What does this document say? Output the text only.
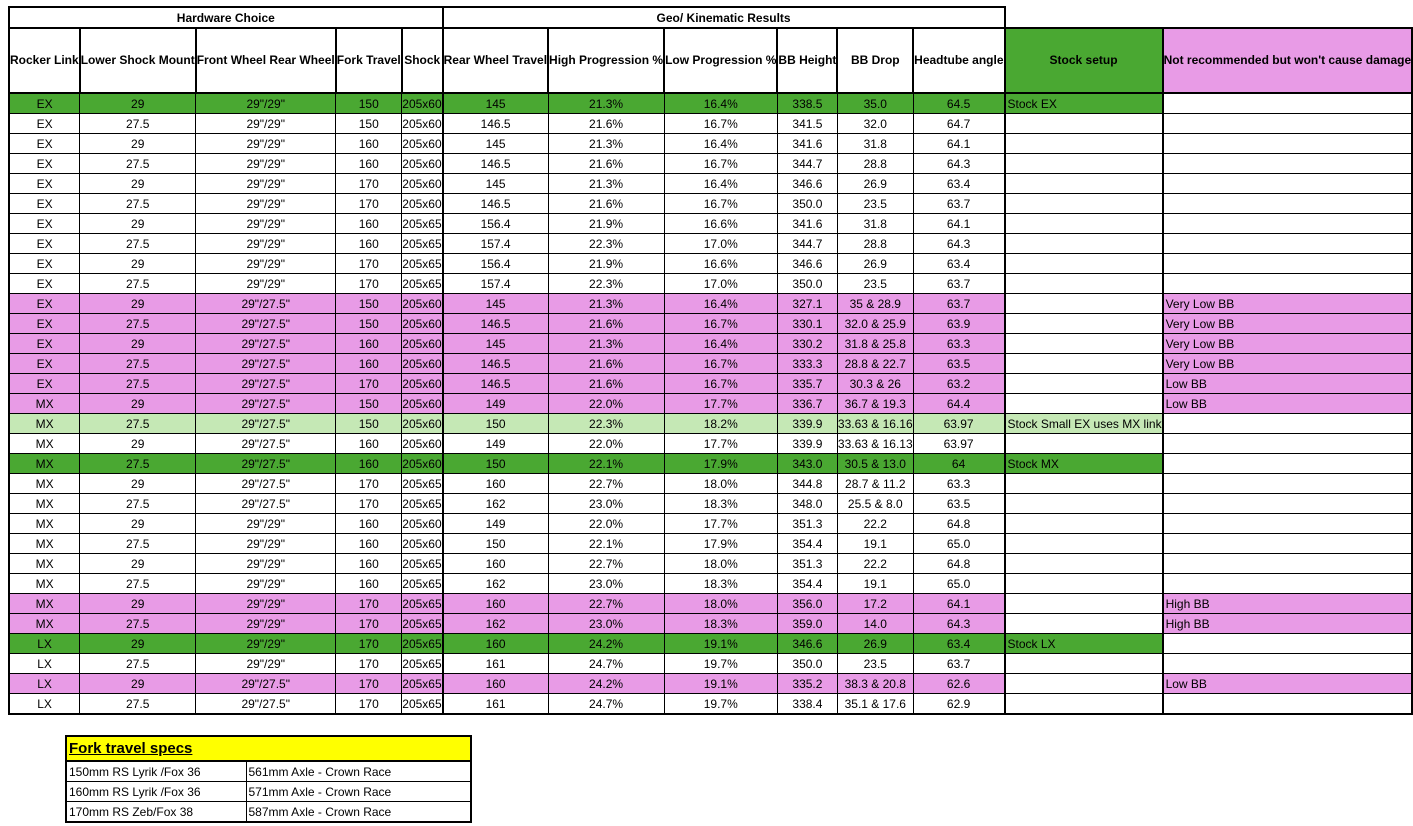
Hardware Choice					Geo/ Kinematic Results							
Rocker Link	Lower Shock Mount	Front Wheel Rear Wheel	Fork Travel	Shock	Rear Wheel Travel	High Progression %	Low Progression %	BB Height	BB Drop	Headtube angle	Stock setup	Not recommended but won't cause damage
EX	29	29"/29"	150	205x60	145	21.3%	16.4%	338.5	35.0	64.5	Stock EX	
EX	27.5	29"/29"	150	205x60	146.5	21.6%	16.7%	341.5	32.0	64.7		
EX	29	29"/29"	160	205x60	145	21.3%	16.4%	341.6	31.8	64.1		
EX	27.5	29"/29"	160	205x60	146.5	21.6%	16.7%	344.7	28.8	64.3		
EX	29	29"/29"	170	205x60	145	21.3%	16.4%	346.6	26.9	63.4		
EX	27.5	29"/29"	170	205x60	146.5	21.6%	16.7%	350.0	23.5	63.7		
EX	29	29"/29"	160	205x65	156.4	21.9%	16.6%	341.6	31.8	64.1		
EX	27.5	29"/29"	160	205x65	157.4	22.3%	17.0%	344.7	28.8	64.3		
EX	29	29"/29"	170	205x65	156.4	21.9%	16.6%	346.6	26.9	63.4		
EX	27.5	29"/29"	170	205x65	157.4	22.3%	17.0%	350.0	23.5	63.7		
EX	29	29"/27.5"	150	205x60	145	21.3%	16.4%	327.1	35 & 28.9	63.7		Very Low BB
EX	27.5	29"/27.5"	150	205x60	146.5	21.6%	16.7%	330.1	32.0 & 25.9	63.9		Very Low BB
EX	29	29"/27.5"	160	205x60	145	21.3%	16.4%	330.2	31.8 & 25.8	63.3		Very Low BB
EX	27.5	29"/27.5"	160	205x60	146.5	21.6%	16.7%	333.3	28.8 & 22.7	63.5		Very Low BB
EX	27.5	29"/27.5"	170	205x60	146.5	21.6%	16.7%	335.7	30.3 & 26	63.2		Low BB
MX	29	29"/27.5"	150	205x60	149	22.0%	17.7%	336.7	36.7 & 19.3	64.4		Low BB
MX	27.5	29"/27.5"	150	205x60	150	22.3%	18.2%	339.9	33.63 & 16.16	63.97	Stock Small EX uses MX link	
MX	29	29"/27.5"	160	205x60	149	22.0%	17.7%	339.9	33.63 & 16.13	63.97		
MX	27.5	29"/27.5"	160	205x60	150	22.1%	17.9%	343.0	30.5 & 13.0	64	Stock MX	
MX	29	29"/27.5"	170	205x65	160	22.7%	18.0%	344.8	28.7 & 11.2	63.3		
MX	27.5	29"/27.5"	170	205x65	162	23.0%	18.3%	348.0	25.5 & 8.0	63.5		
MX	29	29"/29"	160	205x60	149	22.0%	17.7%	351.3	22.2	64.8		
MX	27.5	29"/29"	160	205x60	150	22.1%	17.9%	354.4	19.1	65.0		
MX	29	29"/29"	160	205x65	160	22.7%	18.0%	351.3	22.2	64.8		
MX	27.5	29"/29"	160	205x65	162	23.0%	18.3%	354.4	19.1	65.0		
MX	29	29"/29"	170	205x65	160	22.7%	18.0%	356.0	17.2	64.1		High BB
MX	27.5	29"/29"	170	205x65	162	23.0%	18.3%	359.0	14.0	64.3		High BB
LX	29	29"/29"	170	205x65	160	24.2%	19.1%	346.6	26.9	63.4	Stock LX	
LX	27.5	29"/29"	170	205x65	161	24.7%	19.7%	350.0	23.5	63.7		
LX	29	29"/27.5"	170	205x65	160	24.2%	19.1%	335.2	38.3 & 20.8	62.6		Low BB
LX	27.5	29"/27.5"	170	205x65	161	24.7%	19.7%	338.4	35.1 & 17.6	62.9		
Fork travel specs	
150mm RS Lyrik /Fox 36	561mm Axle - Crown Race
160mm RS Lyrik /Fox 36	571mm Axle - Crown Race
170mm RS Zeb/Fox 38	587mm Axle - Crown Race
